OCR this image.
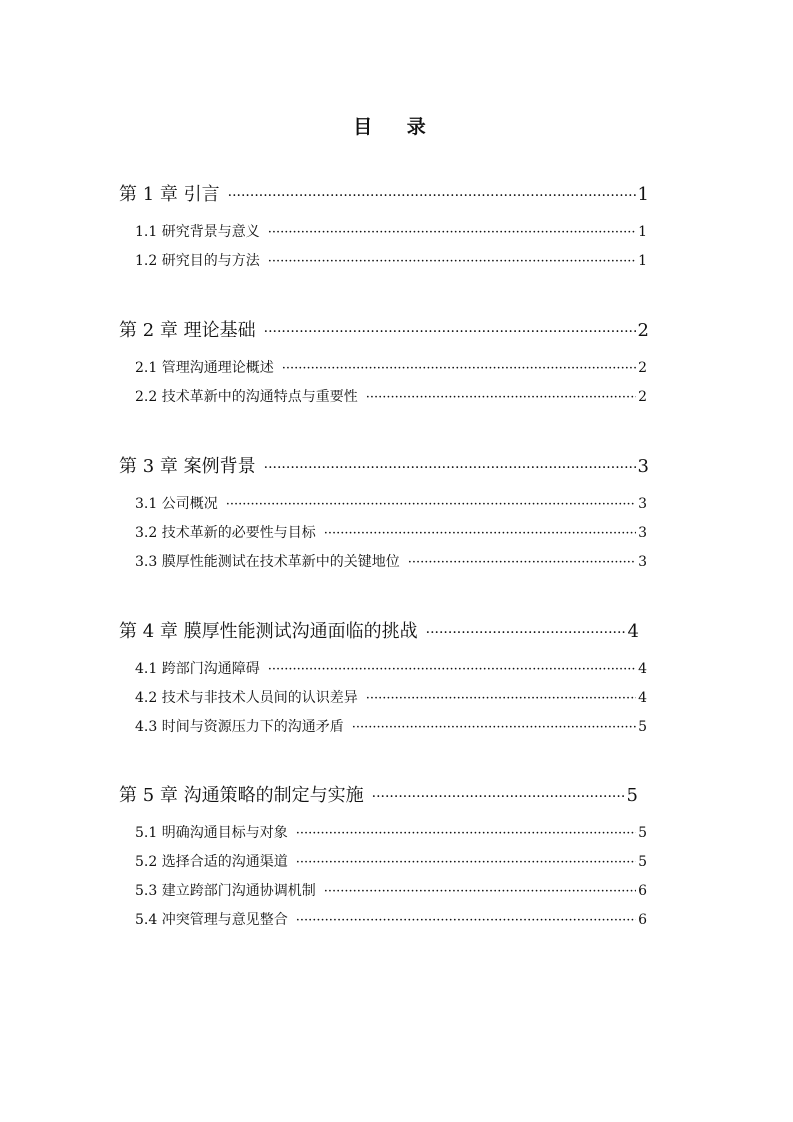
目 录
第 1 章 引言 ·····	1
1.1 研究背景与意义 ·····	1
1.2 研究目的与方法 ·····	1
第 2 章 理论基础 ·····	2
2.1 管理沟通理论概述 ·····	2
2.2 技术革新中的沟通特点与重要性 ·····	2
第 3 章 案例背景 ·····	3
3.1 公司概况 ·····	3
3.2 技术革新的必要性与目标 ·····	3
3.3 膜厚性能测试在技术革新中的关键地位 ·····	3
第 4 章 膜厚性能测试沟通面临的挑战 ·····	4
4.1 跨部门沟通障碍 ·····	4
4.2 技术与非技术人员间的认识差异 ·····	4
4.3 时间与资源压力下的沟通矛盾 ·····	5
第 5 章 沟通策略的制定与实施 ·····	5
5.1 明确沟通目标与对象 ·····	5
5.2 选择合适的沟通渠道 ·····	5
5.3 建立跨部门沟通协调机制 ·····	6
5.4 冲突管理与意见整合 ·····	6
